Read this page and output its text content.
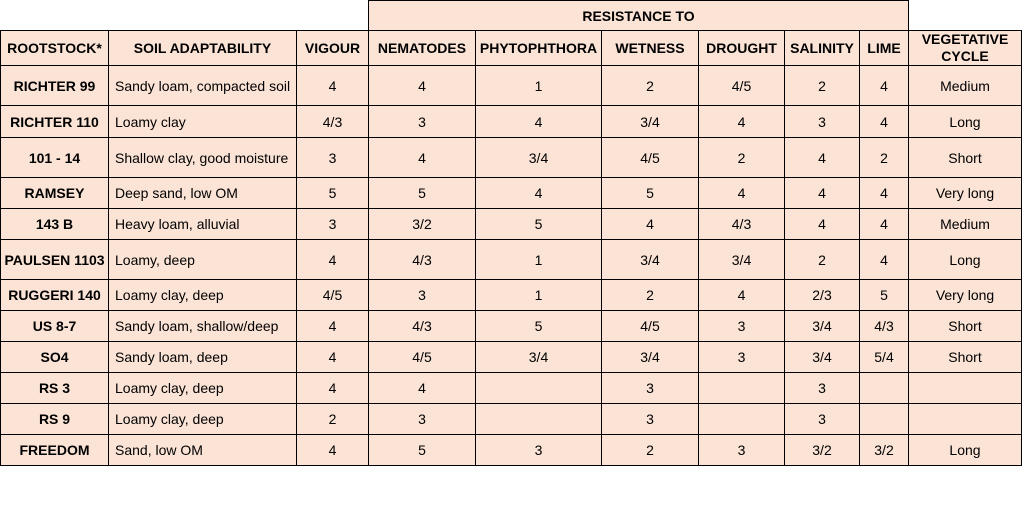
			RESISTANCE TO						
ROOTSTOCK*	SOIL ADAPTABILITY	VIGOUR	NEMATODES	PHYTOPHTHORA	WETNESS	DROUGHT	SALINITY	LIME	VEGETATIVE CYCLE
RICHTER 99	Sandy loam, compacted soil	4	4	1	2	4/5	2	4	Medium
RICHTER 110	Loamy clay	4/3	3	4	3/4	4	3	4	Long
101 - 14	Shallow clay, good moisture	3	4	3/4	4/5	2	4	2	Short
RAMSEY	Deep sand, low OM	5	5	4	5	4	4	4	Very long
143 B	Heavy loam, alluvial	3	3/2	5	4	4/3	4	4	Medium
PAULSEN 1103	Loamy, deep	4	4/3	1	3/4	3/4	2	4	Long
RUGGERI 140	Loamy clay, deep	4/5	3	1	2	4	2/3	5	Very long
US 8-7	Sandy loam, shallow/deep	4	4/3	5	4/5	3	3/4	4/3	Short
SO4	Sandy loam, deep	4	4/5	3/4	3/4	3	3/4	5/4	Short
RS 3	Loamy clay, deep	4	4		3		3		
RS 9	Loamy clay, deep	2	3		3		3		
FREEDOM	Sand, low OM	4	5	3	2	3	3/2	3/2	Long
